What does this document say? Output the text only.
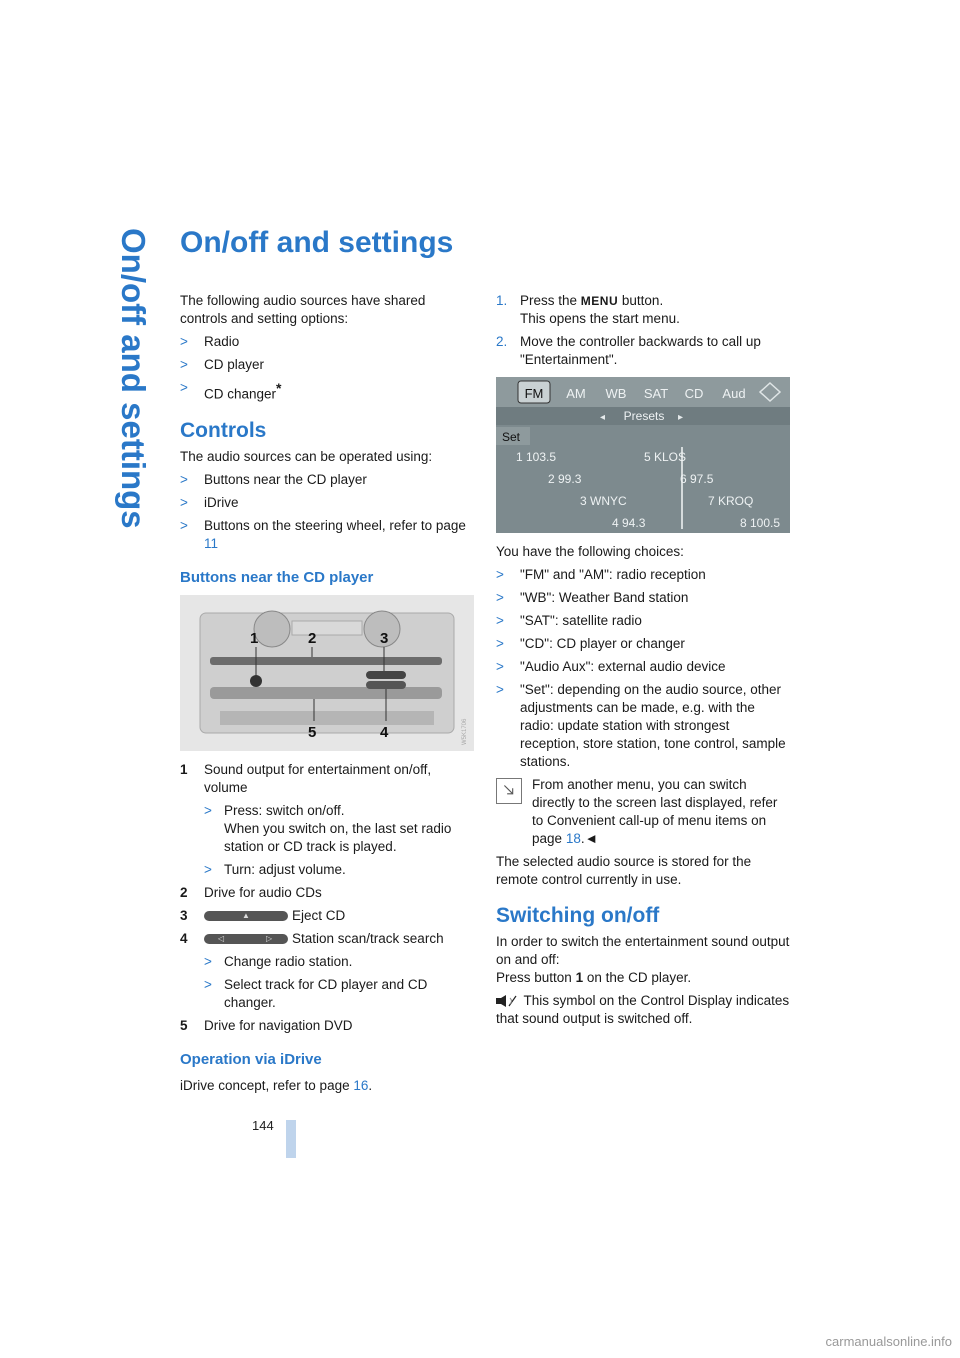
On/off and settings On/off and settings

The following audio sources have shared controls and setting options:

> Radio
> CD player
> CD changer*
Controls

The audio sources can be operated using:

> Buttons near the CD player
> iDrive
> Buttons on the steering wheel, refer to page 11
Buttons near the CD player
1	2	3
5	4	W5K1706
1 Sound output for entertainment on/off, volume
> Press: switch on/off.
When you switch on, the last set radio station or CD track is played.
> Turn: adjust volume.
2 Drive for audio CDs
3	▲	Eject CD
4	◁	▷ Station scan/track search
> Change radio station.
> Select track for CD player and CD changer.
5 Drive for navigation DVD
Operation via iDrive

iDrive concept, refer to page 16.

1. Press the MENU button.
This opens the start menu.
2. Move the controller backwards to call up "Entertainment".
FM AM WB SAT CD Aud
◂ Presets ▸
Set
1 103.5	5 KLOS
2 99.3	6 97.5
3 WNYC	7 KROQ
4 94.3	8 100.5

You have the following choices:

> "FM" and "AM": radio reception
> "WB": Weather Band station
> "SAT": satellite radio
> "CD": CD player or changer
> "Audio Aux": external audio device
> "Set": depending on the audio source, other adjustments can be made, e.g. with the radio: update station with strongest reception, store station, tone control, sample stations.
From another menu, you can switch directly to the screen last displayed, refer to Convenient call-up of menu items on page 18.◄

The selected audio source is stored for the remote control currently in use.

Switching on/off

In order to switch the entertainment sound output on and off:
Press button 1 on the CD player.

This symbol on the Control Display indicates that sound output is switched off.

144
carmanualsonline.info
